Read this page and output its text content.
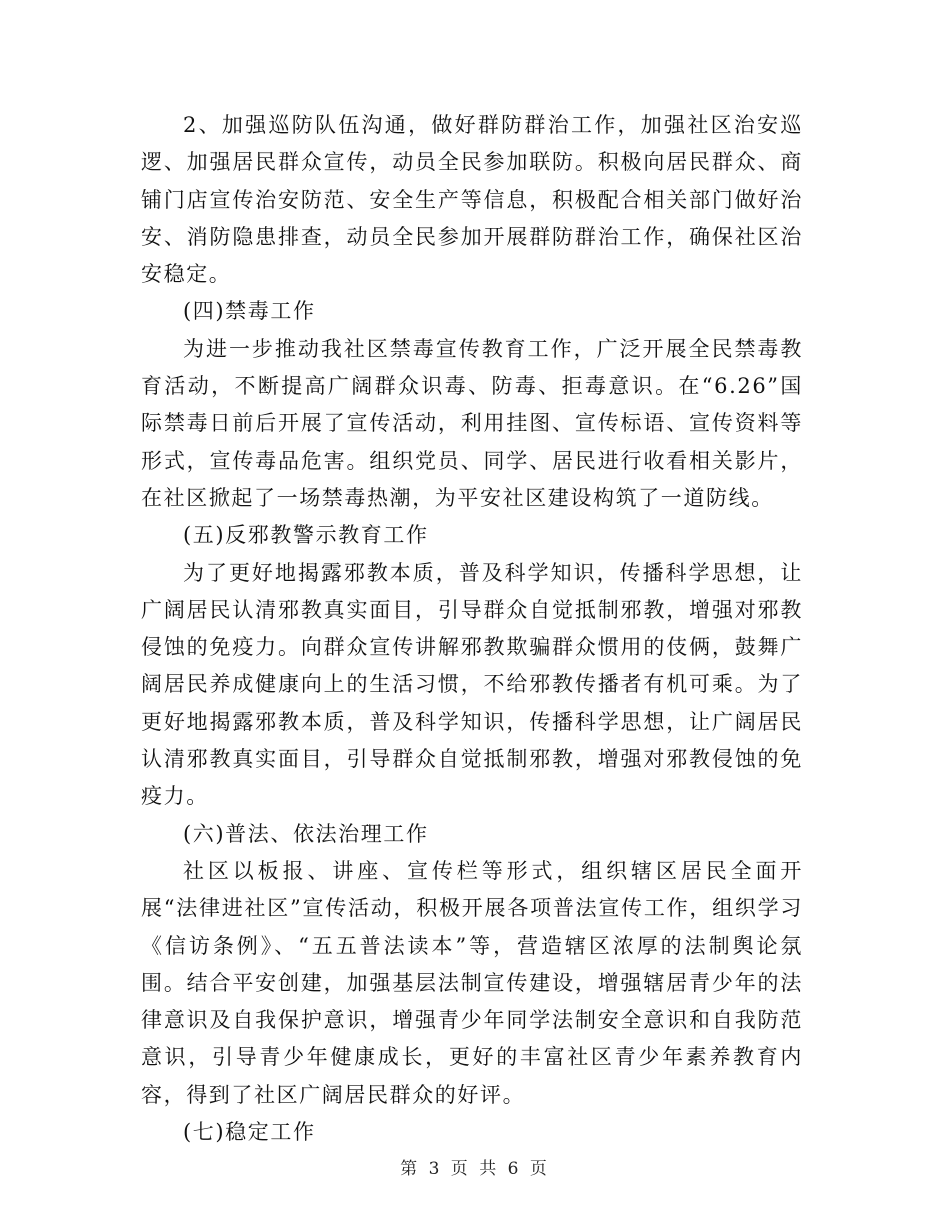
2、加强巡防队伍沟通，做好群防群治工作，加强社区治安巡逻、加强居民群众宣传，动员全民参加联防。积极向居民群众、商铺门店宣传治安防范、安全生产等信息，积极配合相关部门做好治安、消防隐患排查，动员全民参加开展群防群治工作，确保社区治安稳定。

(四)禁毒工作

为进一步推动我社区禁毒宣传教育工作，广泛开展全民禁毒教育活动，不断提高广阔群众识毒、防毒、拒毒意识。在“6.26”国际禁毒日前后开展了宣传活动，利用挂图、宣传标语、宣传资料等形式，宣传毒品危害。组织党员、同学、居民进行收看相关影片，在社区掀起了一场禁毒热潮，为平安社区建设构筑了一道防线。

(五)反邪教警示教育工作

为了更好地揭露邪教本质，普及科学知识，传播科学思想，让广阔居民认清邪教真实面目，引导群众自觉抵制邪教，增强对邪教侵蚀的免疫力。向群众宣传讲解邪教欺骗群众惯用的伎俩，鼓舞广阔居民养成健康向上的生活习惯，不给邪教传播者有机可乘。为了更好地揭露邪教本质，普及科学知识，传播科学思想，让广阔居民认清邪教真实面目，引导群众自觉抵制邪教，增强对邪教侵蚀的免疫力。

(六)普法、依法治理工作

社区以板报、讲座、宣传栏等形式，组织辖区居民全面开展“法律进社区”宣传活动，积极开展各项普法宣传工作，组织学习《信访条例》、“五五普法读本”等，营造辖区浓厚的法制舆论氛围。结合平安创建，加强基层法制宣传建设，增强辖居青少年的法律意识及自我保护意识，增强青少年同学法制安全意识和自我防范意识，引导青少年健康成长，更好的丰富社区青少年素养教育内容，得到了社区广阔居民群众的好评。

(七)稳定工作

第 3 页 共 6 页
